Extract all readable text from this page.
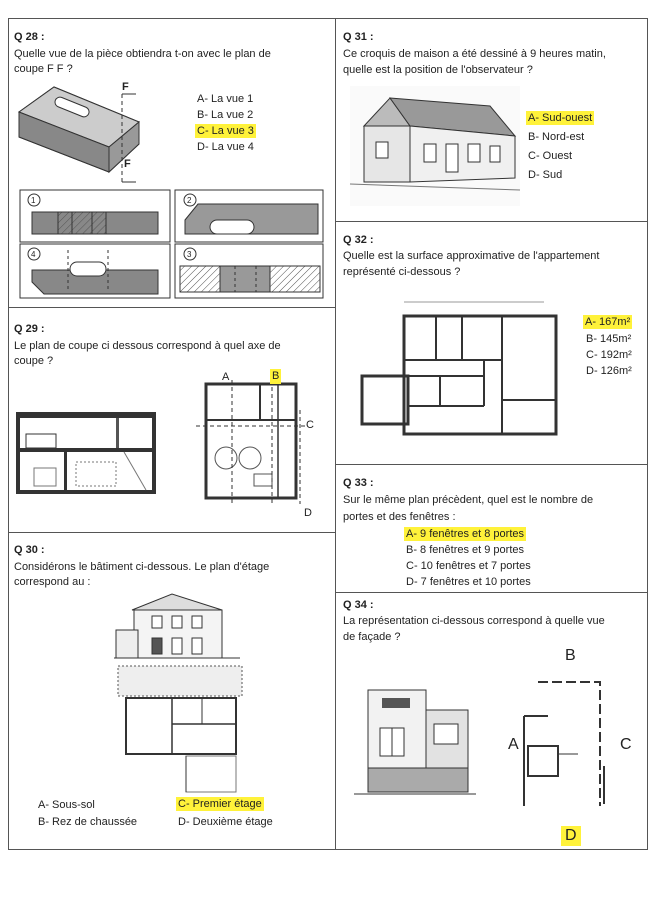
Q 28 :
Quelle vue de la pièce obtiendra t-on avec le plan de
coupe F F ?
F
F
A- La vue 1
B- La vue 2
C- La vue 3
D- La vue 4
1	2
4	3
Q 29 :
Le plan de coupe ci dessous correspond à quel axe de
coupe ?
A	B
C
D
Q 30 :
Considérons le bâtiment ci-dessous. Le plan d'étage
correspond au :
A- Sous-sol
B- Rez de chaussée
C- Premier étage
D- Deuxième étage
Q 31 :
Ce croquis de maison a été dessiné à 9 heures matin,
quelle est la position de l'observateur ?
A- Sud-ouest
B- Nord-est
C- Ouest
D- Sud
Q 32 :
Quelle est la surface approximative de l'appartement
représenté ci-dessous ?
A- 167m²
B- 145m²
C- 192m²
D- 126m²
Q 33 :
Sur le même plan précèdent, quel est le nombre de
portes et des fenêtres :
A- 9 fenêtres et 8 portes
B- 8 fenêtres et 9 portes
C- 10 fenêtres et 7 portes
D- 7 fenêtres et 10 portes
Q 34 :
La représentation ci-dessous correspond à quelle vue
de façade ?
B
A	C
D
